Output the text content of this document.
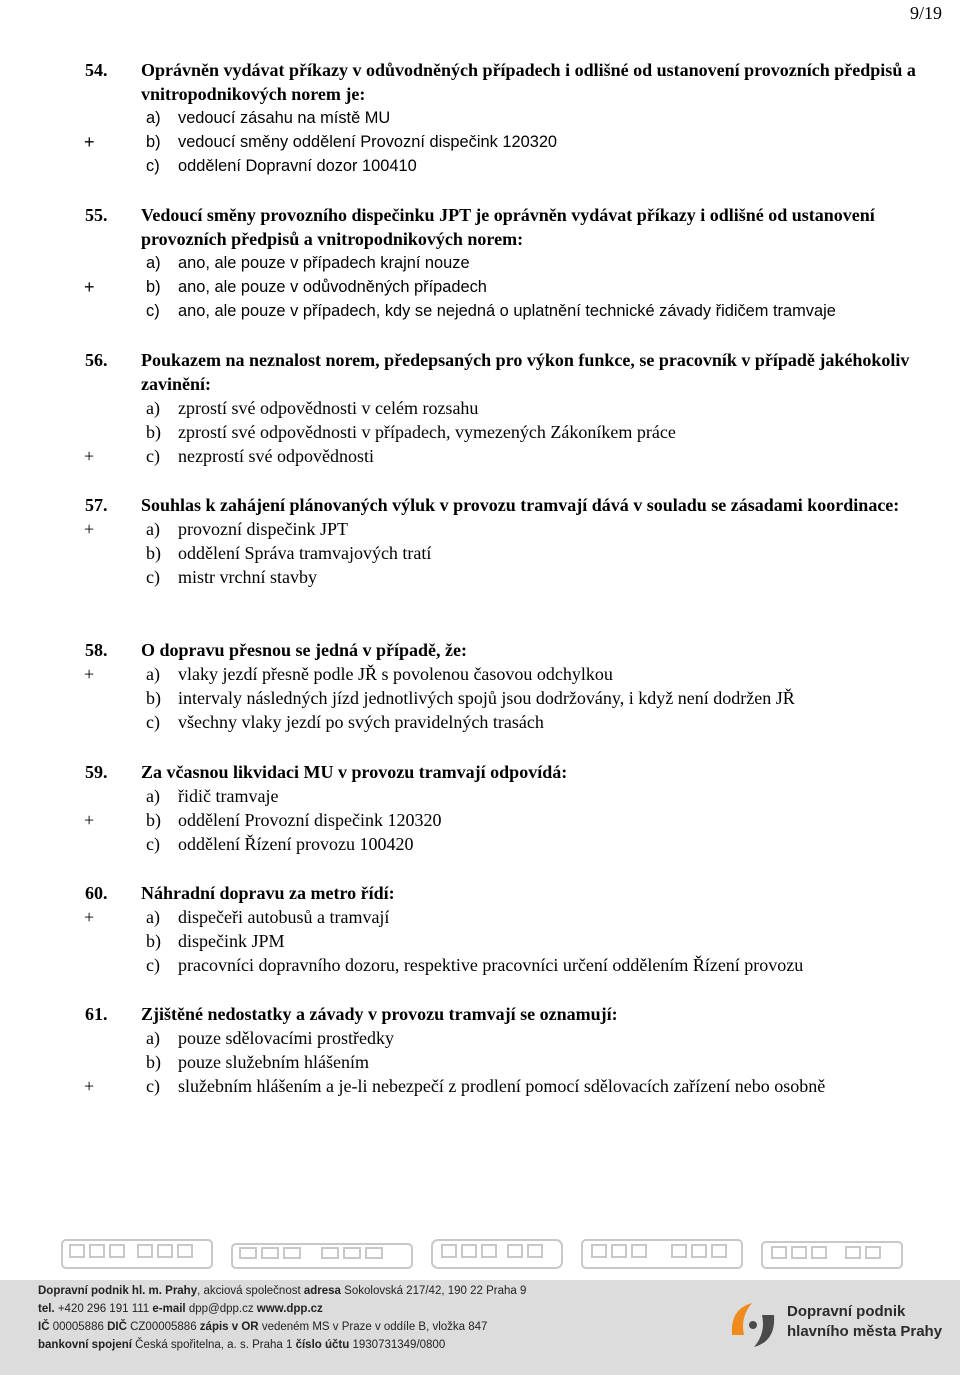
9/19
54. Oprávněn vydávat příkazy v odůvodněných případech i odlišné od ustanovení provozních předpisů a vnitropodnikových norem je:
a) vedoucí zásahu na místě MU
+	b) vedoucí směny oddělení Provozní dispečink 120320
c) oddělení Dopravní dozor 100410
55. Vedoucí směny provozního dispečinku JPT je oprávněn vydávat příkazy i odlišné od ustanovení provozních předpisů a vnitropodnikových norem:
a) ano, ale pouze v případech krajní nouze
+	b) ano, ale pouze v odůvodněných případech
c) ano, ale pouze v případech, kdy se nejedná o uplatnění technické závady řidičem tramvaje
56. Poukazem na neznalost norem, předepsaných pro výkon funkce, se pracovník v případě jakéhokoliv zavinění:
a) zprostí své odpovědnosti v celém rozsahu
b) zprostí své odpovědnosti v případech, vymezených Zákoníkem práce
+	c) nezprostí své odpovědnosti
57. Souhlas k zahájení plánovaných výluk v provozu tramvají dává v souladu se zásadami koordinace:
+	a) provozní dispečink JPT
b) oddělení Správa tramvajových tratí
c) mistr vrchní stavby
58. O dopravu přesnou se jedná v případě, že:
+	a) vlaky jezdí přesně podle JŘ s povolenou časovou odchylkou
b) intervaly následných jízd jednotlivých spojů jsou dodržovány, i když není dodržen JŘ
c) všechny vlaky jezdí po svých pravidelných trasách
59. Za včasnou likvidaci MU v provozu tramvají odpovídá:
a) řidič tramvaje
+	b) oddělení Provozní dispečink 120320
c) oddělení Řízení provozu 100420
60. Náhradní dopravu za metro řídí:
+	a) dispečeři autobusů a tramvají
b) dispečink JPM
c) pracovníci dopravního dozoru, respektive pracovníci určení oddělením Řízení provozu
61. Zjištěné nedostatky a závady v provozu tramvají se oznamují:
a) pouze sdělovacími prostředky
b) pouze služebním hlášením
+	c) služebním hlášením a je-li nebezpečí z prodlení pomocí sdělovacích zařízení nebo osobně
Dopravní podnik hl. m. Prahy, akciová společnost adresa Sokolovská 217/42, 190 22 Praha 9
tel. +420 296 191 111 e-mail dpp@dpp.cz www.dpp.cz
IČ 00005886 DIČ CZ00005886 zápis v OR vedeném MS v Praze v oddíle B, vložka 847
bankovní spojení Česká spořitelna, a. s. Praha 1 číslo účtu 1930731349/0800
Dopravní podnik
hlavního města Prahy
